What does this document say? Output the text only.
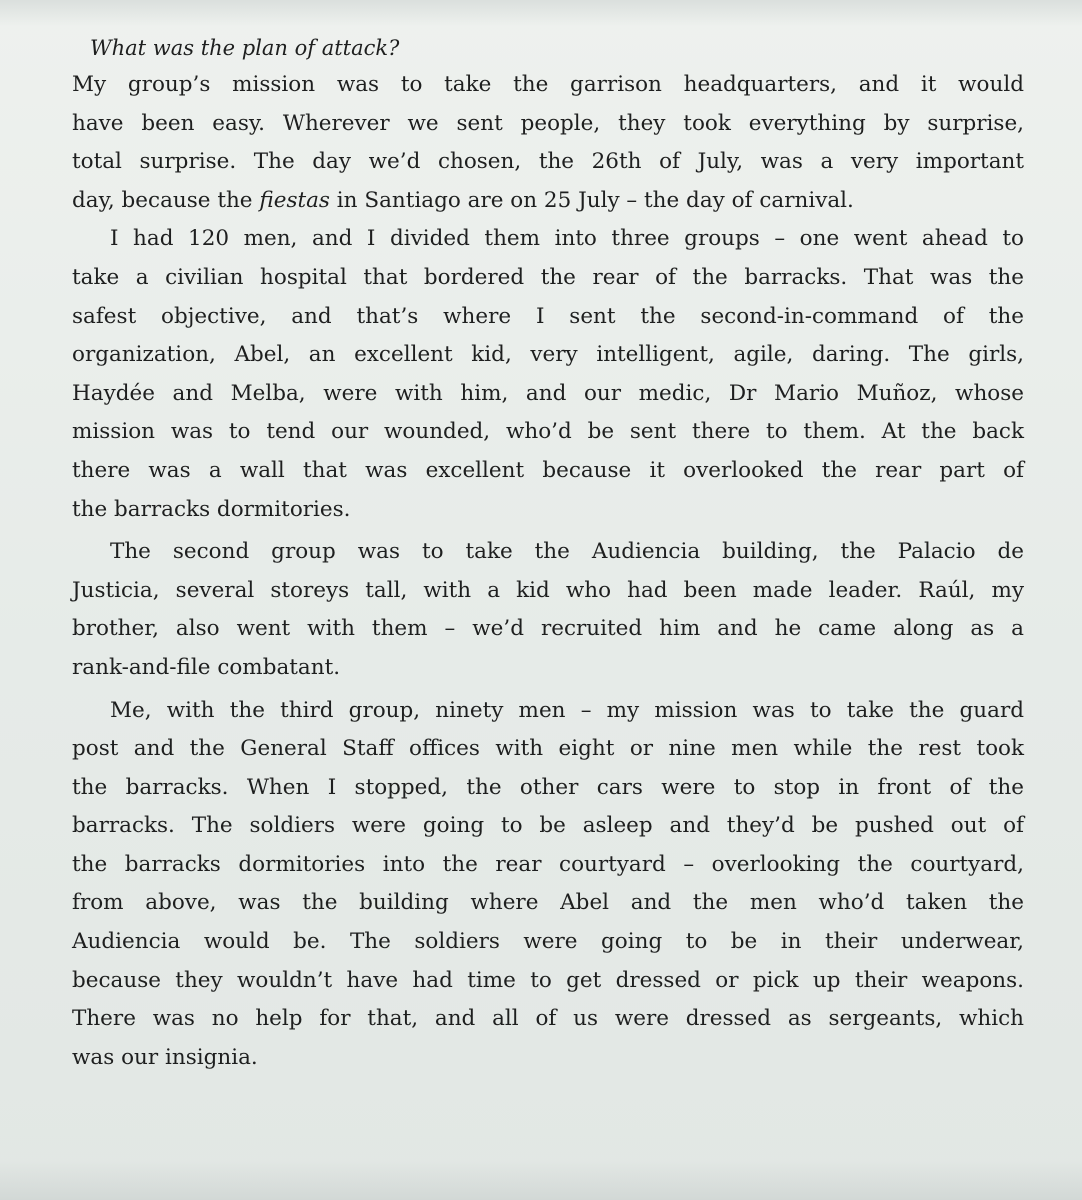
What was the plan of attack?
My group’s mission was to take the garrison headquarters, and it would
have been easy. Wherever we sent people, they took everything by surprise,
total surprise. The day we’d chosen, the 26th of July, was a very important
day, because the fiestas in Santiago are on 25 July – the day of carnival.
I had 120 men, and I divided them into three groups – one went ahead to
take a civilian hospital that bordered the rear of the barracks. That was the
safest objective, and that’s where I sent the second-in-command of the
organization, Abel, an excellent kid, very intelligent, agile, daring. The girls,
Haydée and Melba, were with him, and our medic, Dr Mario Muñoz, whose
mission was to tend our wounded, who’d be sent there to them. At the back
there was a wall that was excellent because it overlooked the rear part of
the barracks dormitories.
The second group was to take the Audiencia building, the Palacio de
Justicia, several storeys tall, with a kid who had been made leader. Raúl, my
brother, also went with them – we’d recruited him and he came along as a
rank-and-file combatant.
Me, with the third group, ninety men – my mission was to take the guard
post and the General Staff offices with eight or nine men while the rest took
the barracks. When I stopped, the other cars were to stop in front of the
barracks. The soldiers were going to be asleep and they’d be pushed out of
the barracks dormitories into the rear courtyard – overlooking the courtyard,
from above, was the building where Abel and the men who’d taken the
Audiencia would be. The soldiers were going to be in their underwear,
because they wouldn’t have had time to get dressed or pick up their weapons.
There was no help for that, and all of us were dressed as sergeants, which
was our insignia.
